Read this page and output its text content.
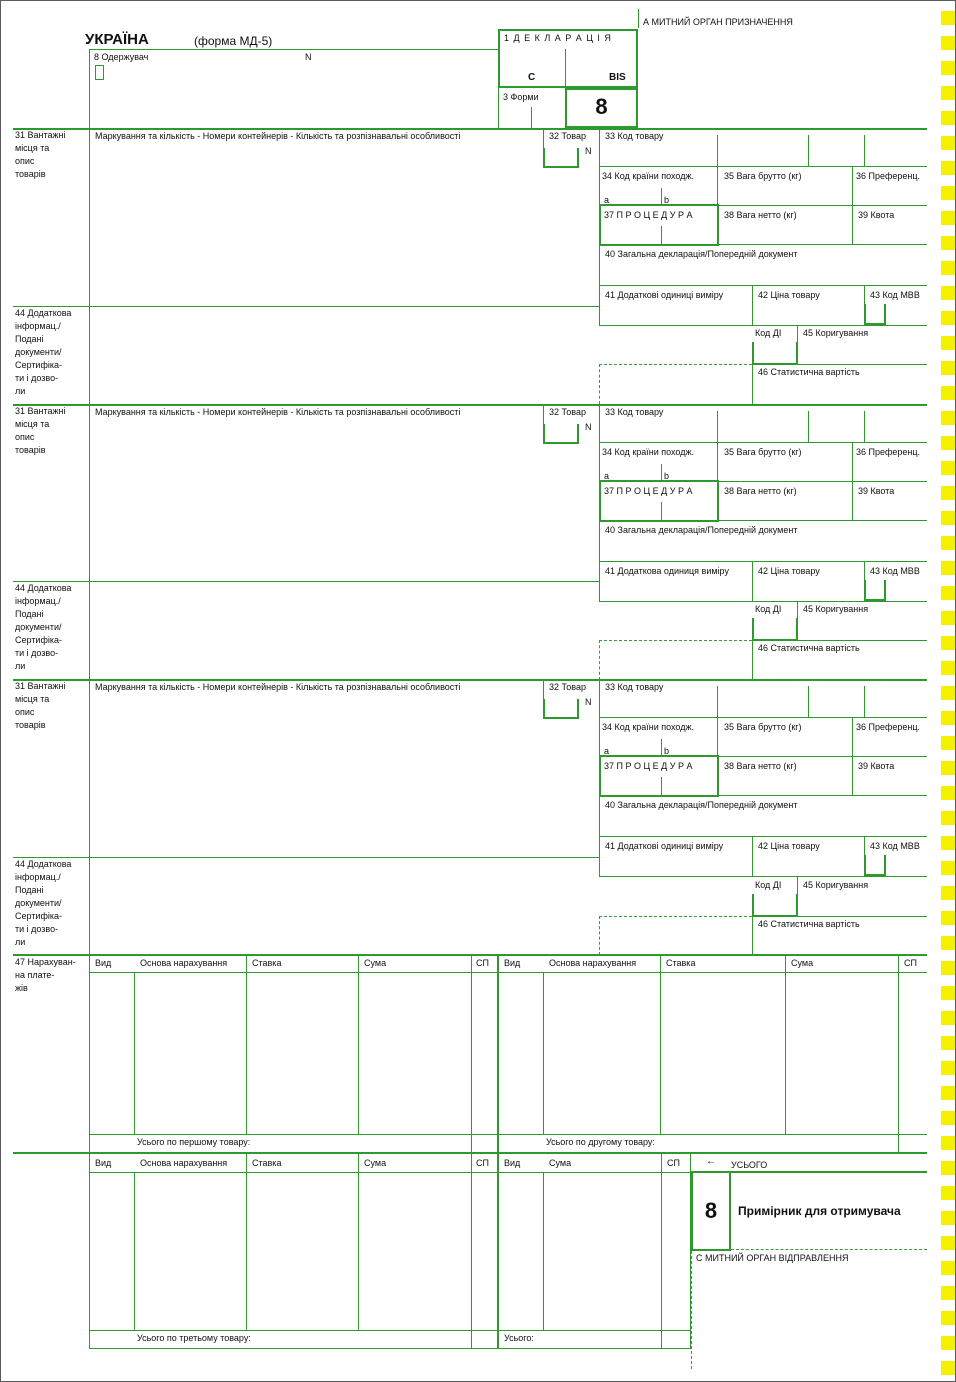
А МИТНИЙ ОРГАН ПРИЗНАЧЕННЯ
УКРАЇНА	(форма МД-5)
8 Одержувач	N
1 Д Е К Л А Р А Ц І Я
C	BIS
3 Форми	8
31 Вантажні
місця та
опис
товарів
Маркування та кількість - Номери контейнерів - Кількість та розпізнавальні особливості	32 Товар
N
33 Код товару
34 Код країни походж.
a	b
35 Вага брутто (кг)	36 Преференц.
37 П Р О Ц Е Д У Р А	38 Вага нетто (кг)	39 Квота
40 Загальна декларація/Попередній документ
41 Додаткові одиниці виміру	42 Ціна товару	43 Код МВВ
44 Додаткова
інформац./
Подані
документи/
Сертифіка-
ти і дозво-
ли
Код ДІ 45 Коригування
46 Статистична вартість
31 Вантажні
місця та
опис
товарів
Маркування та кількість - Номери контейнерів - Кількість та розпізнавальні особливості	32 Товар
N
33 Код товару
34 Код країни походж.
a	b
35 Вага брутто (кг)	36 Преференц.
37 П Р О Ц Е Д У Р А	38 Вага нетто (кг)	39 Квота
40 Загальна декларація/Попередній документ
41 Додаткова одиниця виміру	42 Ціна товару	43 Код МВВ
44 Додаткова
інформац./
Подані
документи/
Сертифіка-
ти і дозво-
ли
Код ДІ 45 Коригування
46 Статистична вартість
31 Вантажні
місця та
опис
товарів
Маркування та кількість - Номери контейнерів - Кількість та розпізнавальні особливості	32 Товар
N
33 Код товару
34 Код країни походж.
a	b
35 Вага брутто (кг)	36 Преференц.
37 П Р О Ц Е Д У Р А	38 Вага нетто (кг)	39 Квота
40 Загальна декларація/Попередній документ
41 Додаткові одиниці виміру	42 Ціна товару	43 Код МВВ
44 Додаткова
інформац./
Подані
документи/
Сертифіка-
ти і дозво-
ли
Код ДІ 45 Коригування
46 Статистична вартість
47 Нарахуван-
на плате-
жів
Вид	Основа нарахування	Ставка	Сума	СП
Усього по першому товару:
Вид	Основа нарахування	Ставка	Сума	СП
Усього по другому товару:
Вид	Основа нарахування	Ставка	Сума	СП Вид	Сума	СП
Усього по третьому товару:	Усього:
← УСЬОГО
8	Примірник для отримувача
С МИТНИЙ ОРГАН ВІДПРАВЛЕННЯ
